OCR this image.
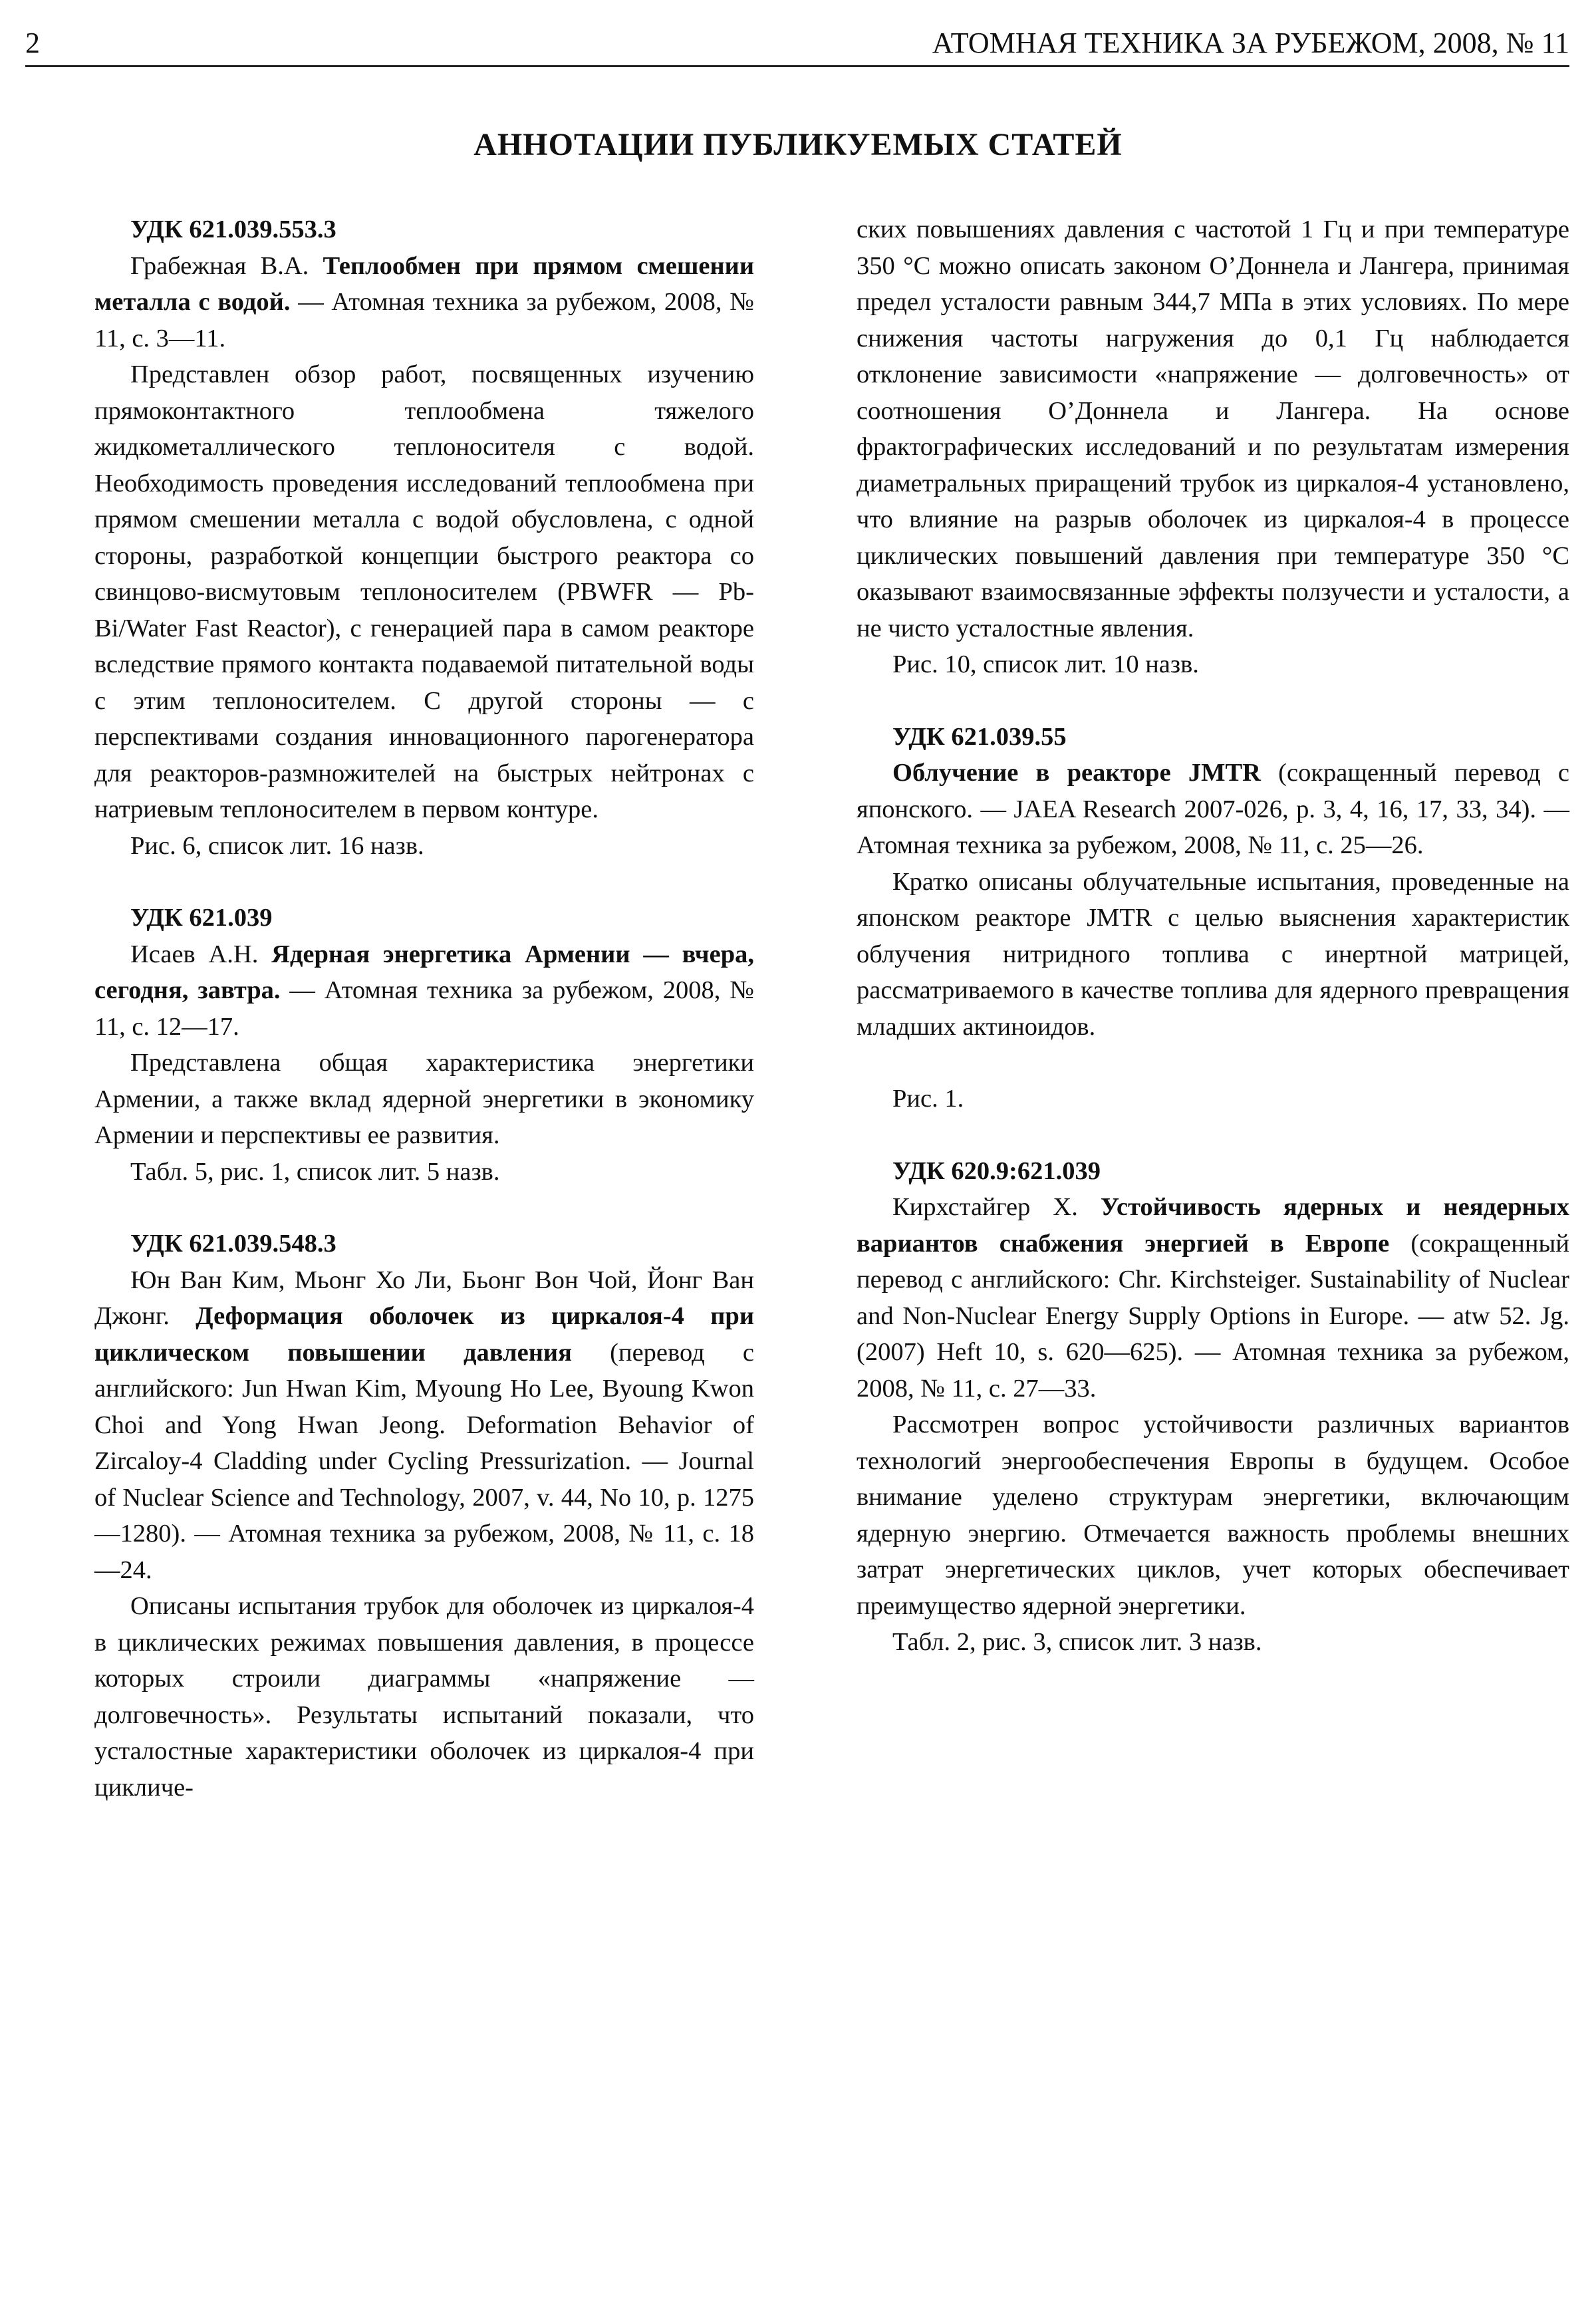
2	АТОМНАЯ ТЕХНИКА ЗА РУБЕЖОМ, 2008, № 11
АННОТАЦИИ ПУБЛИКУЕМЫХ СТАТЕЙ

УДК 621.039.553.3

Грабежная В.А. Теплообмен при прямом смешении металла с водой. — Атомная техника за рубежом, 2008, № 11, с. 3—11.

Представлен обзор работ, посвященных изучению прямоконтактного теплообмена тяжелого жидкометаллического теплоносителя с водой. Необходимость проведения исследований теплообмена при прямом смешении металла с водой обусловлена, с одной стороны, разработкой концепции быстрого реактора со свинцово-висмутовым теплоносителем (PBWFR — Pb-Bi/Water Fast Reactor), с генерацией пара в самом реакторе вследствие прямого контакта подаваемой питательной воды с этим теплоносителем. С другой стороны — с перспективами создания инновационного парогенератора для реакторов-размножителей на быстрых нейтронах с натриевым теплоносителем в первом контуре.

Рис. 6, список лит. 16 назв.

УДК 621.039

Исаев А.Н. Ядерная энергетика Армении — вчера, сегодня, завтра. — Атомная техника за рубежом, 2008, № 11, с. 12—17.

Представлена общая характеристика энергетики Армении, а также вклад ядерной энергетики в экономику Армении и перспективы ее развития.

Табл. 5, рис. 1, список лит. 5 назв.

УДК 621.039.548.3

Юн Ван Ким, Мьонг Хо Ли, Бьонг Вон Чой, Йонг Ван Джонг. Деформация оболочек из циркалоя-4 при циклическом повышении давления (перевод с английского: Jun Hwan Kim, Myoung Ho Lee, Byoung Kwon Choi and Yong Hwan Jeong. Deformation Behavior of Zircaloy-4 Cladding under Cycling Pressurization. — Journal of Nuclear Science and Technology, 2007, v. 44, No 10, p. 1275—1280). — Атомная техника за рубежом, 2008, № 11, с. 18—24.

Описаны испытания трубок для оболочек из циркалоя-4 в циклических режимах повышения давления, в процессе которых строили диаграммы «напряжение — долговечность». Результаты испытаний показали, что усталостные характеристики оболочек из циркалоя-4 при цикличе-

ских повышениях давления с частотой 1 Гц и при температуре 350 °С можно описать законом О’Доннела и Лангера, принимая предел усталости равным 344,7 МПа в этих условиях. По мере снижения частоты нагружения до 0,1 Гц наблюдается отклонение зависимости «напряжение — долговечность» от соотношения О’Доннела и Лангера. На основе фрактографических исследований и по результатам измерения диаметральных приращений трубок из циркалоя-4 установлено, что влияние на разрыв оболочек из циркалоя-4 в процессе циклических повышений давления при температуре 350 °С оказывают взаимосвязанные эффекты ползучести и усталости, а не чисто усталостные явления.

Рис. 10, список лит. 10 назв.

УДК 621.039.55

Облучение в реакторе JMTR (сокращенный перевод с японского. — JAEA Research 2007-026, p. 3, 4, 16, 17, 33, 34). — Атомная техника за рубежом, 2008, № 11, с. 25—26.

Кратко описаны облучательные испытания, проведенные на японском реакторе JMTR с целью выяснения характеристик облучения нитридного топлива с инертной матрицей, рассматриваемого в качестве топлива для ядерного превращения младших актиноидов.

Рис. 1.

УДК 620.9:621.039

Кирхстайгер Х. Устойчивость ядерных и неядерных вариантов снабжения энергией в Европе (сокращенный перевод с английского: Chr. Kirchsteiger. Sustainability of Nuclear and Non-Nuclear Energy Supply Options in Europe. — atw 52. Jg. (2007) Heft 10, s. 620—625). — Атомная техника за рубежом, 2008, № 11, с. 27—33.

Рассмотрен вопрос устойчивости различных вариантов технологий энергообеспечения Европы в будущем. Особое внимание уделено структурам энергетики, включающим ядерную энергию. Отмечается важность проблемы внешних затрат энергетических циклов, учет которых обеспечивает преимущество ядерной энергетики.

Табл. 2, рис. 3, список лит. 3 назв.
